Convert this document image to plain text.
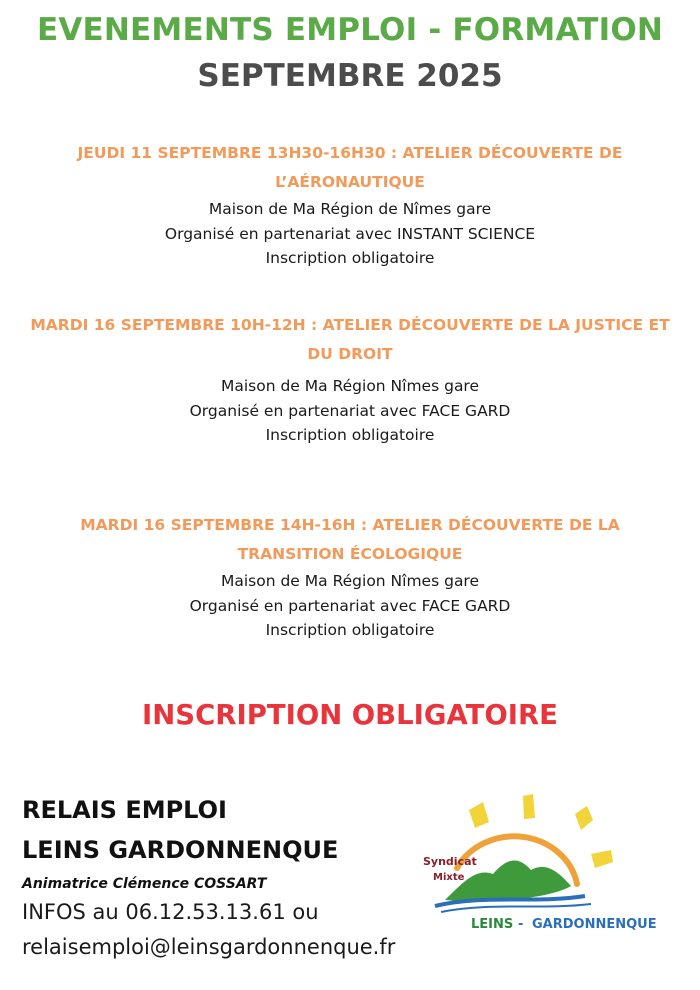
EVENEMENTS EMPLOI - FORMATION
SEPTEMBRE 2025
JEUDI 11 SEPTEMBRE 13H30-16H30 : ATELIER DÉCOUVERTE DE L’AÉRONAUTIQUE
Maison de Ma Région de Nîmes gare
Organisé en partenariat avec INSTANT SCIENCE
Inscription obligatoire
MARDI 16 SEPTEMBRE 10H-12H : ATELIER DÉCOUVERTE DE LA JUSTICE ET DU DROIT
Maison de Ma Région Nîmes gare
Organisé en partenariat avec FACE GARD
Inscription obligatoire
MARDI 16 SEPTEMBRE 14H-16H : ATELIER DÉCOUVERTE DE LA TRANSITION ÉCOLOGIQUE
Maison de Ma Région Nîmes gare
Organisé en partenariat avec FACE GARD
Inscription obligatoire
INSCRIPTION OBLIGATOIRE
RELAIS EMPLOI
LEINS GARDONNENQUE
Animatrice Clémence COSSART
INFOS au 06.12.53.13.61 ou
relaisemploi@leinsgardonnenque.fr
Syndicat
Mixte
LEINS - GARDONNENQUE
